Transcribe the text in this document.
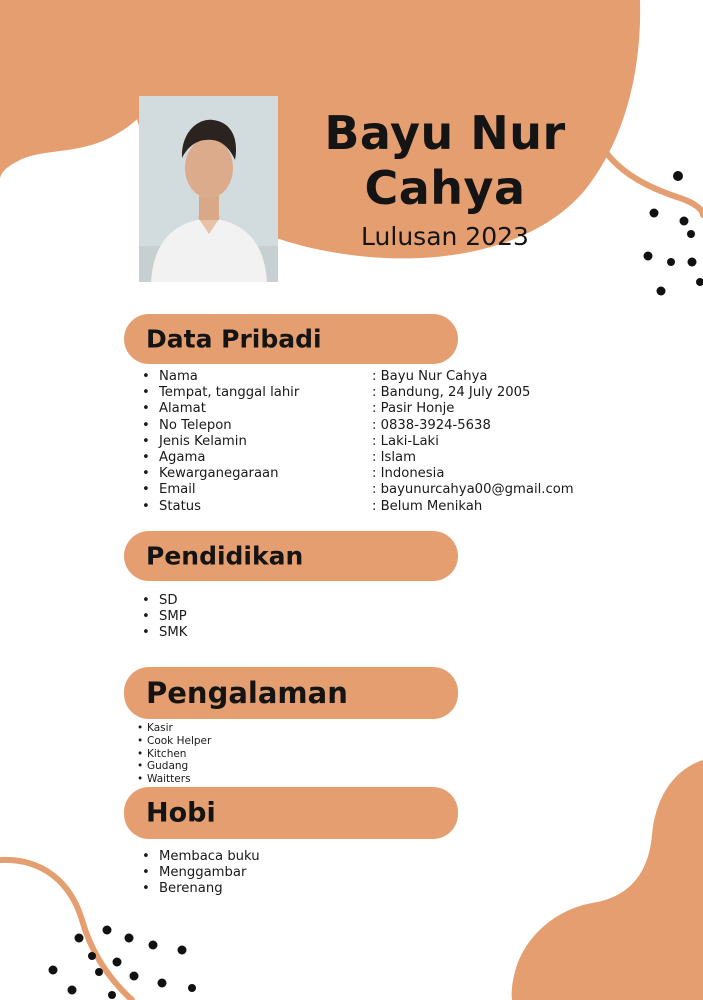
Bayu Nur
Cahya
Lulusan 2023
Data Pribadi
• Nama
• Tempat, tanggal lahir
• Alamat
• No Telepon
• Jenis Kelamin
• Agama
• Kewarganegaraan
• Email
• Status
: Bayu Nur Cahya
: Bandung, 24 July 2005
: Pasir Honje
: 0838-3924-5638
: Laki-Laki
: Islam
: Indonesia
: bayunurcahya00@gmail.com
: Belum Menikah
Pendidikan
• SD
• SMP
• SMK
Pengalaman
• Kasir
• Cook Helper
• Kitchen
• Gudang
• Waitters
Hobi
• Membaca buku
• Menggambar
• Berenang
